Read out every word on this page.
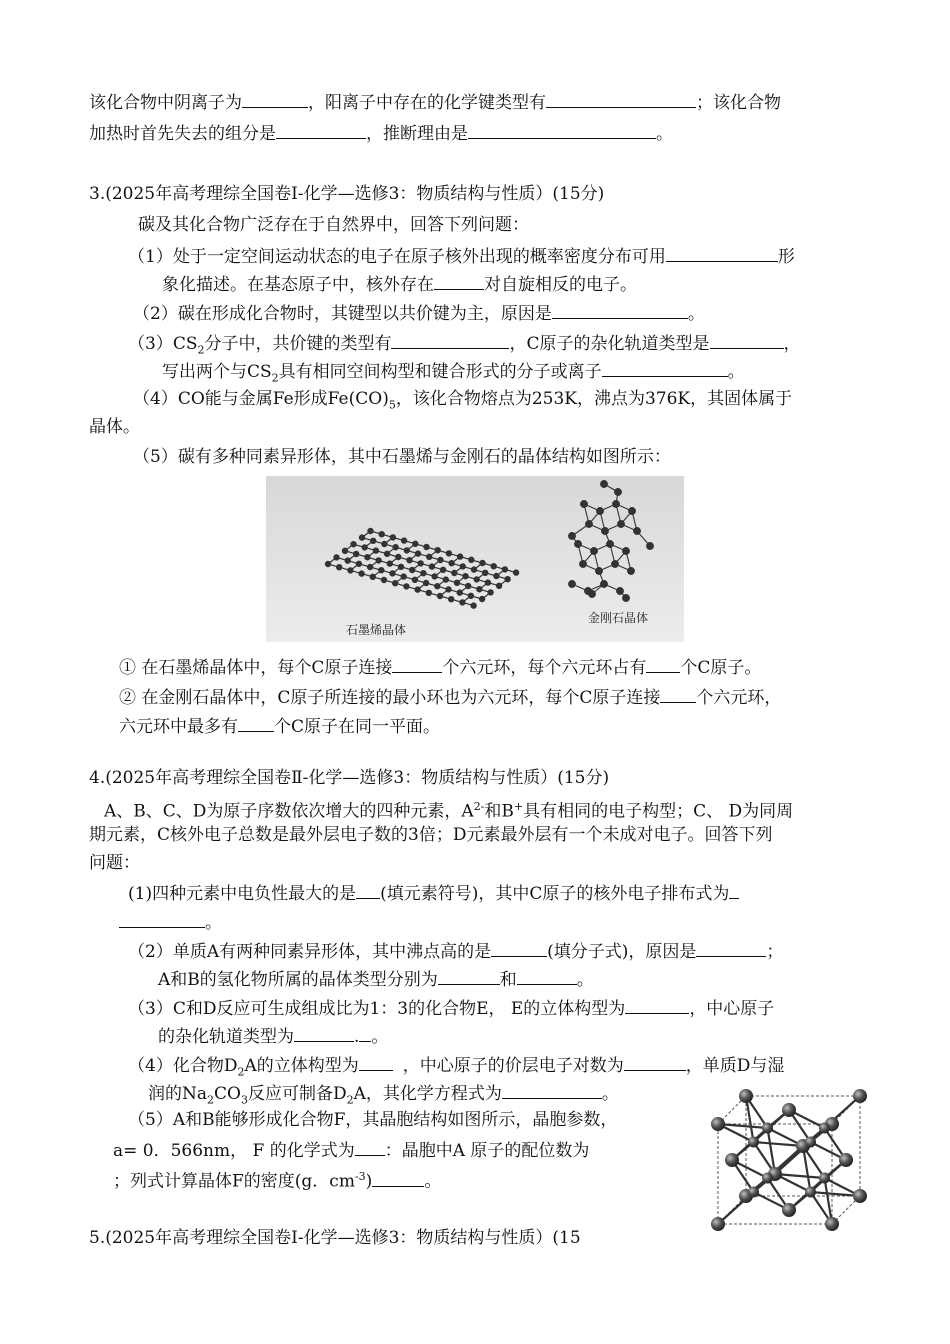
该化合物中阴离子为	，阳离子中存在的化学键类型有	；该化合物
加热时首先失去的组分是	，推断理由是	。
3.(2025年高考理综全国卷Ⅰ-化学—选修3：物质结构与性质）(15分)
碳及其化合物广泛存在于自然界中，回答下列问题：
（1）处于一定空间运动状态的电子在原子核外出现的概率密度分布可用	形
象化描述。在基态原子中，核外存在	对自旋相反的电子。
（2）碳在形成化合物时，其键型以共价键为主，原因是	。
$(3)CS_2$分子中，共价键的类型有	，C原子的杂化轨道类型是	，
写出两个与$CS_2$具有相同空间构型和键合形式的分子或离子	。
（4）CO能与金属Fe形成$Fe(CO)_5$，该化合物熔点为253K，沸点为376K，其固体属于
晶体。
（5）碳有多种同素异形体，其中石墨烯与金刚石的晶体结构如图所示：
石墨烯晶体
金刚石晶体
① 在石墨烯晶体中，每个C原子连接	个六元环，每个六元环占有 个C原子。
② 在金刚石晶体中，C原子所连接的最小环也为六元环，每个C原子连接 个六元环，
六元环中最多有 个C原子在同一平面。
4.(2025年高考理综全国卷Ⅱ-化学—选修3：物质结构与性质）(15分)
A、B、C、D为原子序数依次增大的四种元素，$A^{2-}$和B+具有相同的电子构型；C、 D为同周
期元素，C核外电子总数是最外层电子数的3倍；D元素最外层有一个未成对电子。回答下列
问题：
(1)四种元素中电负性最大的是 (填元素符号)，其中C原子的核外电子排布式为
。
（2）单质A有两种同素异形体，其中沸点高的是	(填分子式)，原因是	；
A和B的氢化物所属的晶体类型分别为	和	。
（3）C和D反应可生成组成比为1：3的化合物E， E的立体构型为	，中心原子
的杂化轨道类型为	. 。
（4）化合物$D_2A$的立体构型为	，中心原子的价层电子对数为	，单质D与湿
润的$Na_2CO_3$反应可制备$D_2A$，其化学方程式为	。
（5）A和B能够形成化合物F，其晶胞结构如图所示，晶胞参数，
a= 0．566nm， F 的化学式为 ：晶胞中A 原子的配位数为
；列式计算晶体F的密度(g．$cm^{-3}$)	。
5.(2025年高考理综全国卷Ⅰ-化学—选修3：物质结构与性质）(15
